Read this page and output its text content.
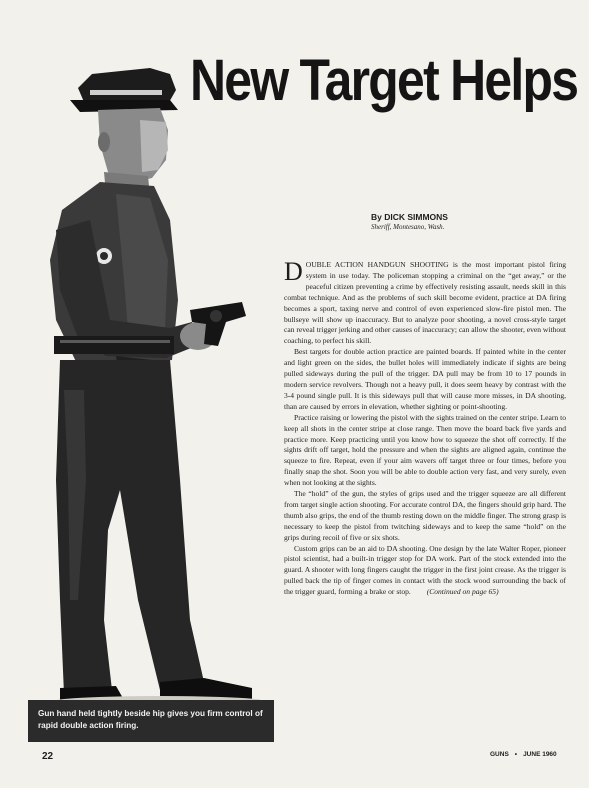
New Target Helps
By DICK SIMMONS
Sheriff, Montesano, Wash.

DOUBLE ACTION HANDGUN SHOOTING is the most important pistol firing system in use today. The policeman stopping a criminal on the “get away,” or the peaceful citizen preventing a crime by effectively resisting assault, needs skill in this combat technique. And as the problems of such skill become evident, practice at DA firing becomes a sport, taxing nerve and control of even experienced slow-fire pistol men. The bullseye will show up inaccuracy. But to analyze poor shooting, a novel cross-style target can reveal trigger jerking and other causes of inaccuracy; can allow the shooter, even without coaching, to perfect his skill.

Best targets for double action practice are painted boards. If painted white in the center and light green on the sides, the bullet holes will immediately indicate if sights are being pulled sideways during the pull of the trigger. DA pull may be from 10 to 17 pounds in modern service revolvers. Though not a heavy pull, it does seem heavy by contrast with the 3-4 pound single pull. It is this sideways pull that will cause more misses, in DA shooting, than are caused by errors in elevation, whether sighting or point-shooting.

Practice raising or lowering the pistol with the sights trained on the center stripe. Learn to keep all shots in the center stripe at close range. Then move the board back five yards and practice more. Keep practicing until you know how to squeeze the shot off correctly. If the sights drift off target, hold the pressure and when the sights are aligned again, continue the squeeze to fire. Repeat, even if your aim wavers off target three or four times, before you finally snap the shot. Soon you will be able to double action very fast, and very surely, even when not looking at the sights.

The “hold” of the gun, the styles of grips used and the trigger squeeze are all different from target single action shooting. For accurate control DA, the fingers should grip hard. The thumb also grips, the end of the thumb resting down on the middle finger. The strong grasp is necessary to keep the pistol from twitching sideways and to keep the same “hold” on the grips during recoil of five or six shots.

Custom grips can be an aid to DA shooting. One design by the late Walter Roper, pioneer pistol scientist, had a built-in trigger stop for DA work. Part of the stock extended into the guard. A shooter with long fingers caught the trigger in the first joint crease. As the trigger is pulled back the tip of finger comes in contact with the stock wood surrounding the back of the trigger guard, forming a brake or stop. (Continued on page 65)

Gun hand held tightly beside hip gives you firm control of rapid double action firing.
22	GUNS • JUNE 1960
